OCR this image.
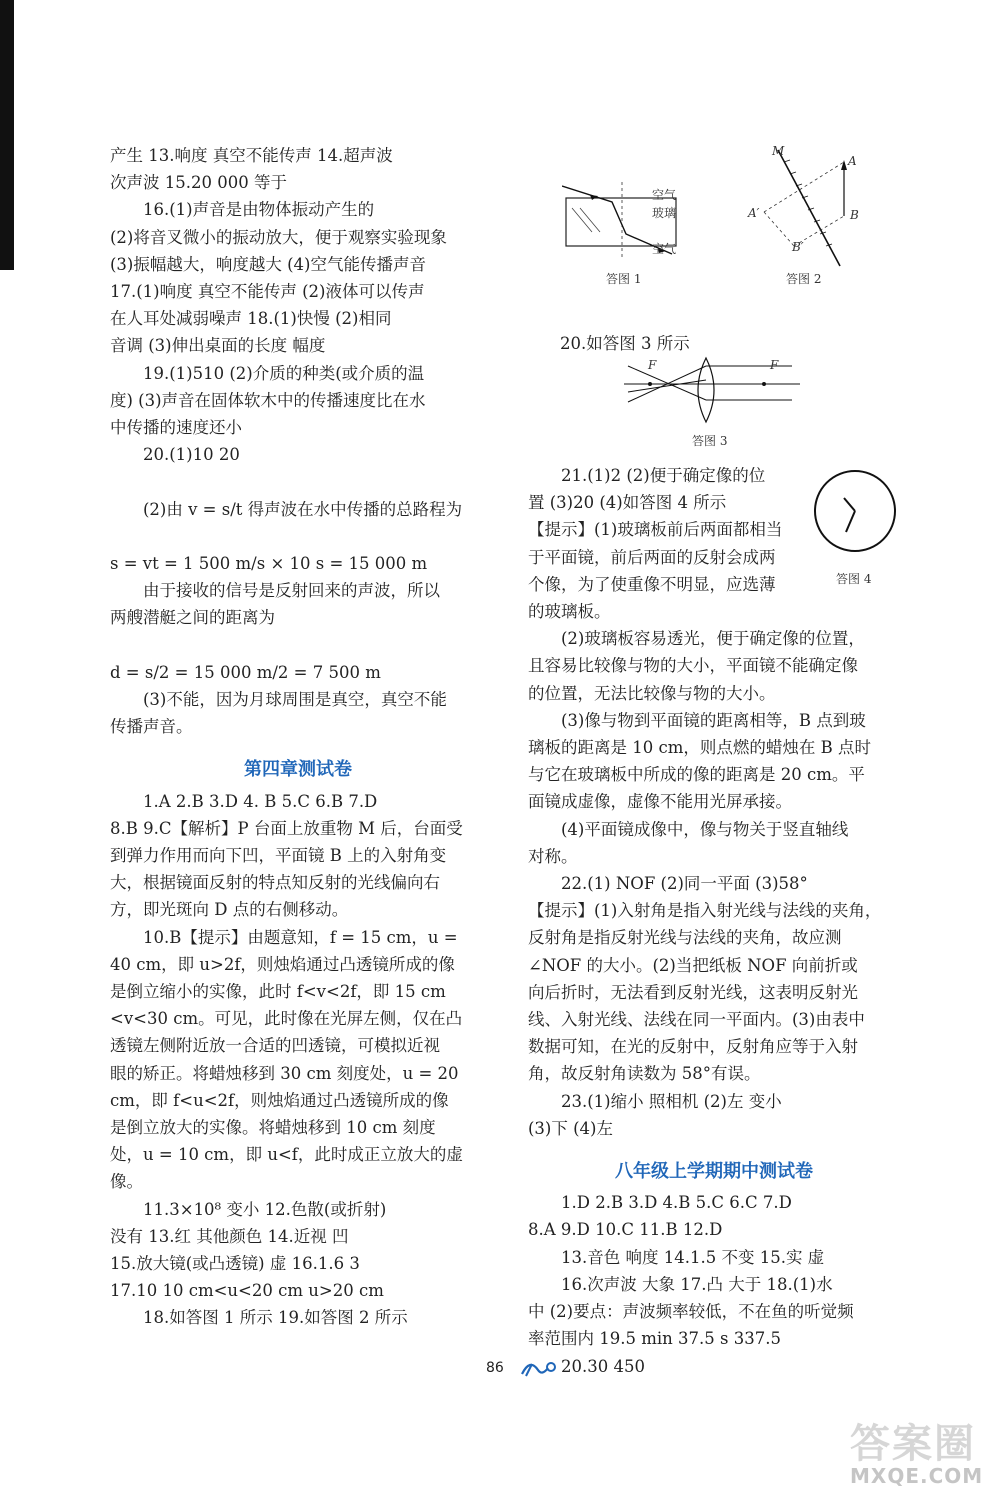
产生 13.响度 真空不能传声 14.超声波
次声波 15.20 000 等于
16.(1)声音是由物体振动产生的
(2)将音叉微小的振动放大，便于观察实验现象
(3)振幅越大，响度越大 (4)空气能传播声音
17.(1)响度 真空不能传声 (2)液体可以传声
在人耳处减弱噪声 18.(1)快慢 (2)相同
音调 (3)伸出桌面的长度 幅度
19.(1)510 (2)介质的种类(或介质的温
度) (3)声音在固体软木中的传播速度比在水
中传播的速度还小
20.(1)10 20
(2)由 v = s/t 得声波在水中传播的总路程为
s = vt = 1 500 m/s × 10 s = 15 000 m
由于接收的信号是反射回来的声波，所以
两艘潜艇之间的距离为
d = s/2 = 15 000 m/2 = 7 500 m
(3)不能，因为月球周围是真空，真空不能
传播声音。
第四章测试卷
1.A 2.B 3.D 4. B 5.C 6.B 7.D
8.B 9.C【解析】P 台面上放重物 M 后，台面受
到弹力作用而向下凹，平面镜 B 上的入射角变
大，根据镜面反射的特点知反射的光线偏向右
方，即光斑向 D 点的右侧移动。
10.B【提示】由题意知，f = 15 cm，u =
40 cm，即 u>2f，则烛焰通过凸透镜所成的像
是倒立缩小的实像，此时 f<v<2f，即 15 cm
<v<30 cm。可见，此时像在光屏左侧，仅在凸
透镜左侧附近放一合适的凹透镜，可模拟近视
眼的矫正。将蜡烛移到 30 cm 刻度处，u = 20
cm，即 f<u<2f，则烛焰通过凸透镜所成的像
是倒立放大的实像。将蜡烛移到 10 cm 刻度
处，u = 10 cm，即 u<f，此时成正立放大的虚
像。
11.3×10⁸ 变小 12.色散(或折射)
没有 13.红 其他颜色 14.近视 凹
15.放大镜(或凸透镜) 虚 16.1.6 3
17.10 10 cm<u<20 cm u>20 cm
18.如答图 1 所示 19.如答图 2 所示
空气
玻璃
空气
答图 1
M
A
A′	B
B′
答图 2
20.如答图 3 所示
F	F
答图 3
答图 4
21.(1)2 (2)便于确定像的位
置 (3)20 (4)如答图 4 所示
【提示】(1)玻璃板前后两面都相当
于平面镜，前后两面的反射会成两
个像，为了使重像不明显，应选薄
的玻璃板。
(2)玻璃板容易透光，便于确定像的位置，
且容易比较像与物的大小，平面镜不能确定像
的位置，无法比较像与物的大小。
(3)像与物到平面镜的距离相等，B 点到玻
璃板的距离是 10 cm，则点燃的蜡烛在 B 点时
与它在玻璃板中所成的像的距离是 20 cm。平
面镜成虚像，虚像不能用光屏承接。
(4)平面镜成像中，像与物关于竖直轴线
对称。
22.(1) NOF (2)同一平面 (3)58°
【提示】(1)入射角是指入射光线与法线的夹角，
反射角是指反射光线与法线的夹角，故应测
∠NOF 的大小。(2)当把纸板 NOF 向前折或
向后折时，无法看到反射光线，这表明反射光
线、入射光线、法线在同一平面内。(3)由表中
数据可知，在光的反射中，反射角应等于入射
角，故反射角读数为 58°有误。
23.(1)缩小 照相机 (2)左 变小
(3)下 (4)左
八年级上学期期中测试卷
1.D 2.B 3.D 4.B 5.C 6.C 7.D
8.A 9.D 10.C 11.B 12.D
13.音色 响度 14.1.5 不变 15.实 虚
16.次声波 大象 17.凸 大于 18.(1)水
中 (2)要点：声波频率较低，不在鱼的听觉频
率范围内 19.5 min 37.5 s 337.5
20.30 450
86
答案圈
MXQE.COM
